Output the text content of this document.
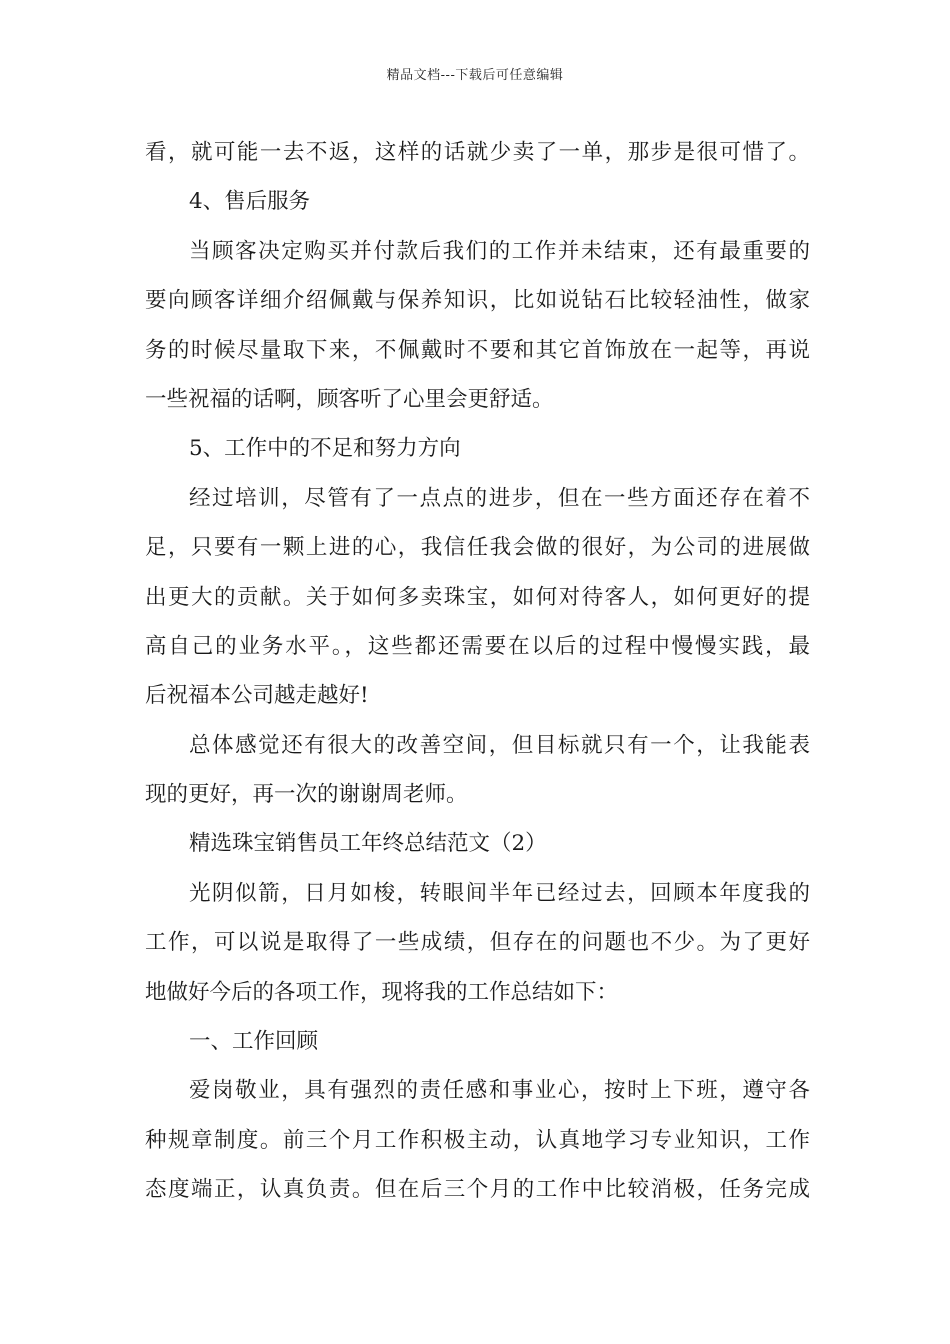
精品文档---下载后可任意编辑
看，就可能一去不返，这样的话就少卖了一单，那步是很可惜了。
4、售后服务
当顾客决定购买并付款后我们的工作并未结束，还有最重要的
要向顾客详细介绍佩戴与保养知识，比如说钻石比较轻油性，做家
务的时候尽量取下来，不佩戴时不要和其它首饰放在一起等，再说
一些祝福的话啊，顾客听了心里会更舒适。
5、工作中的不足和努力方向
经过培训，尽管有了一点点的进步，但在一些方面还存在着不
足，只要有一颗上进的心，我信任我会做的很好，为公司的进展做
出更大的贡献。关于如何多卖珠宝，如何对待客人，如何更好的提
高自己的业务水平。，这些都还需要在以后的过程中慢慢实践，最
后祝福本公司越走越好!
总体感觉还有很大的改善空间，但目标就只有一个，让我能表
现的更好，再一次的谢谢周老师。
精选珠宝销售员工年终总结范文（2）
光阴似箭，日月如梭，转眼间半年已经过去，回顾本年度我的
工作，可以说是取得了一些成绩，但存在的问题也不少。为了更好
地做好今后的各项工作，现将我的工作总结如下：
一、工作回顾
爱岗敬业，具有强烈的责任感和事业心，按时上下班，遵守各
种规章制度。前三个月工作积极主动，认真地学习专业知识，工作
态度端正，认真负责。但在后三个月的工作中比较消极，任务完成
